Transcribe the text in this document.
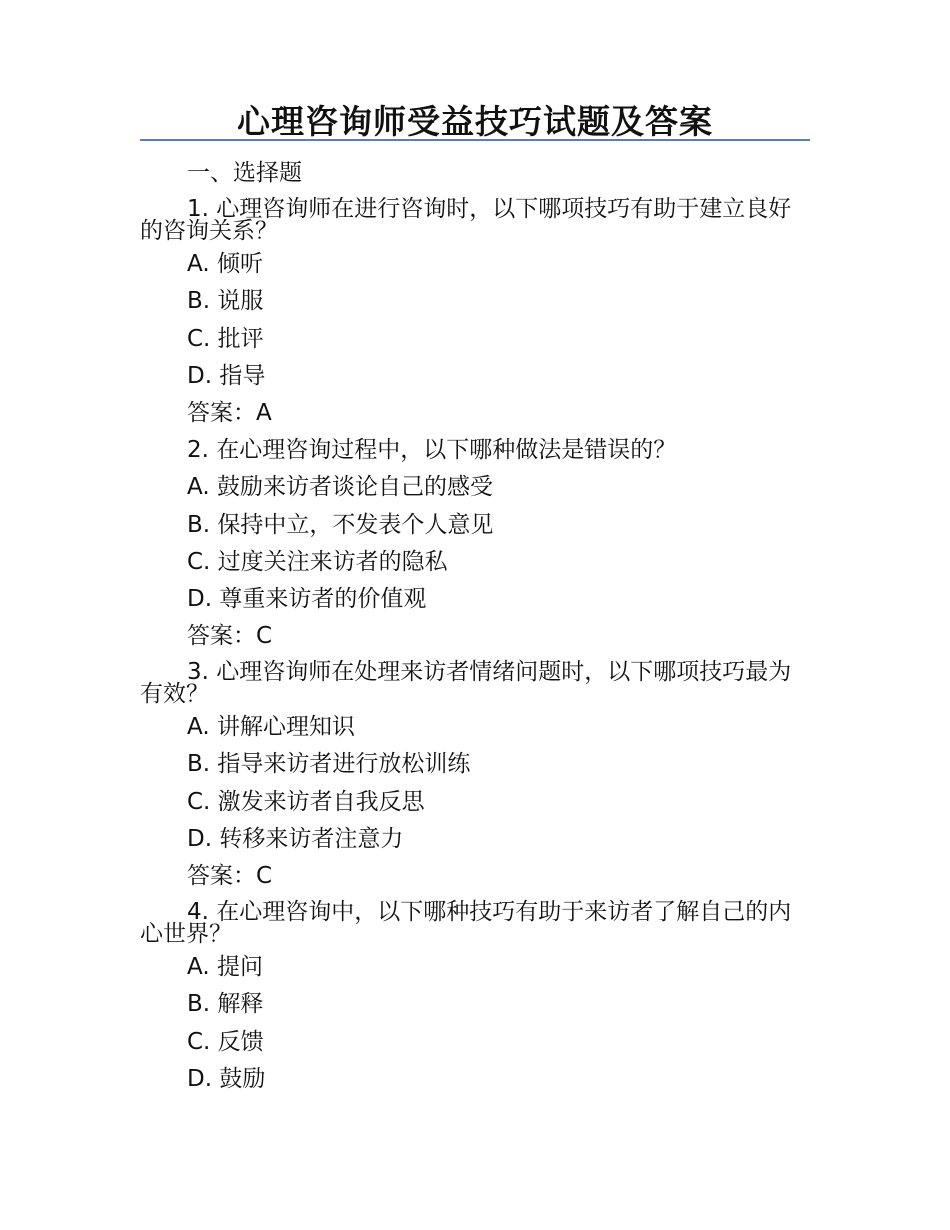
心理咨询师受益技巧试题及答案
一、选择题
1. 心理咨询师在进行咨询时，以下哪项技巧有助于建立良好的咨询关系？
A. 倾听
B. 说服
C. 批评
D. 指导
答案：A
2. 在心理咨询过程中，以下哪种做法是错误的？
A. 鼓励来访者谈论自己的感受
B. 保持中立，不发表个人意见
C. 过度关注来访者的隐私
D. 尊重来访者的价值观
答案：C
3. 心理咨询师在处理来访者情绪问题时，以下哪项技巧最为有效？
A. 讲解心理知识
B. 指导来访者进行放松训练
C. 激发来访者自我反思
D. 转移来访者注意力
答案：C
4. 在心理咨询中，以下哪种技巧有助于来访者了解自己的内心世界？
A. 提问
B. 解释
C. 反馈
D. 鼓励
